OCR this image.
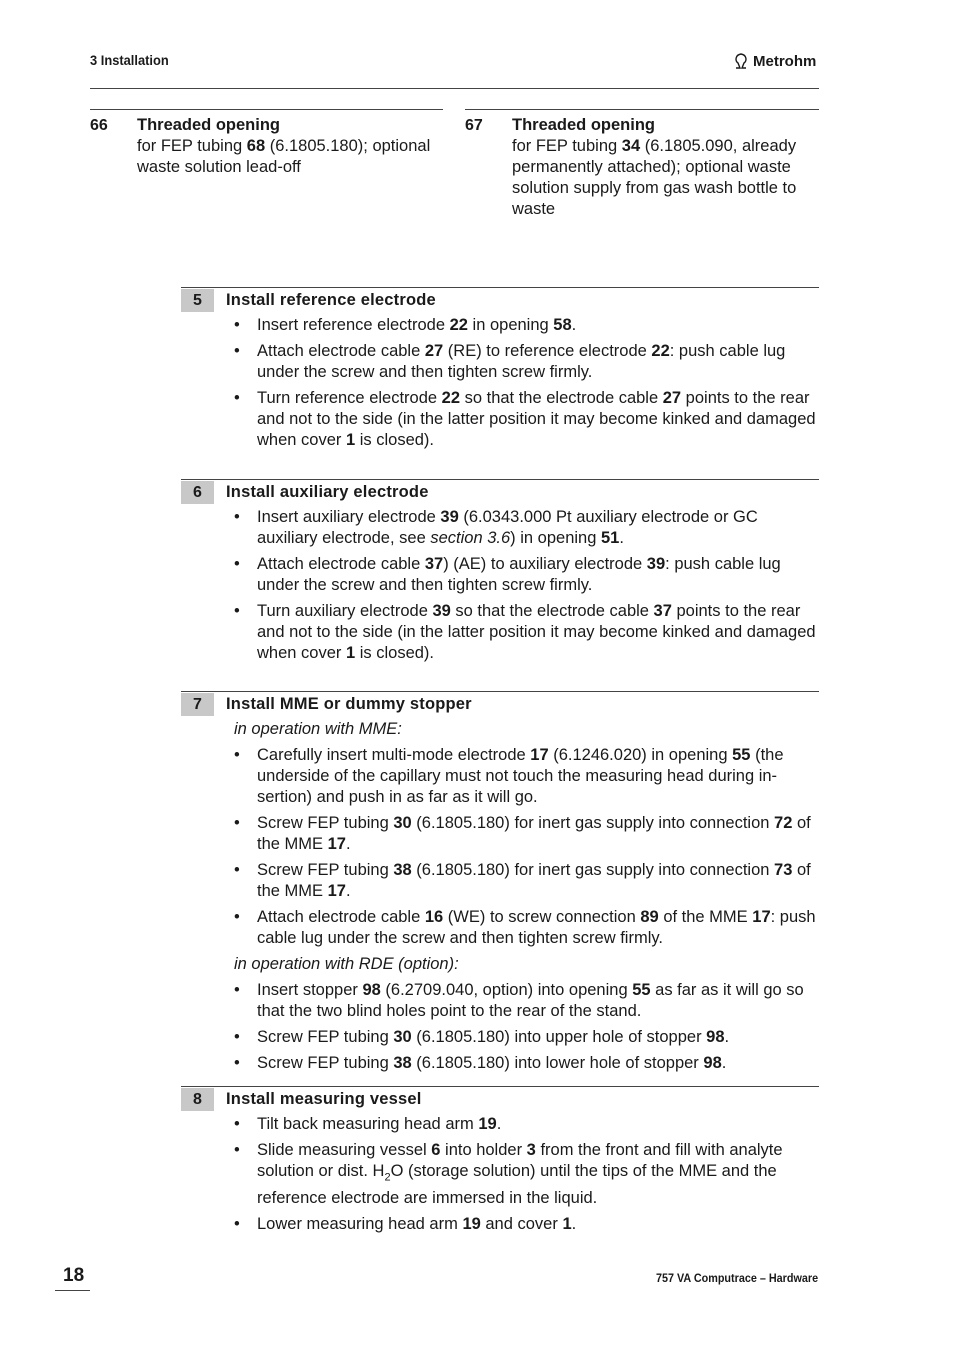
3 Installation	Metrohm
66 Threaded opening
for FEP tubing 68 (6.1805.180); optional waste solution lead-off
67 Threaded opening
for FEP tubing 34 (6.1805.090, already permanently attached); optional waste solution supply from gas wash bottle to waste
5	Install reference electrode
• Insert reference electrode 22 in opening 58.
• Attach electrode cable 27 (RE) to reference electrode 22: push cable lug under the screw and then tighten screw firmly.
• Turn reference electrode 22 so that the electrode cable 27 points to the rear and not to the side (in the latter position it may become kinked and damaged when cover 1 is closed).
6	Install auxiliary electrode
• Insert auxiliary electrode 39 (6.0343.000 Pt auxiliary electrode or GC auxiliary electrode, see section 3.6) in opening 51.
• Attach electrode cable 37) (AE) to auxiliary electrode 39: push cable lug under the screw and then tighten screw firmly.
• Turn auxiliary electrode 39 so that the electrode cable 37 points to the rear and not to the side (in the latter position it may become kinked and damaged when cover 1 is closed).
7	Install MME or dummy stopper
in operation with MME:
• Carefully insert multi-mode electrode 17 (6.1246.020) in opening 55 (the underside of the capillary must not touch the measuring head during in-sertion) and push in as far as it will go.
• Screw FEP tubing 30 (6.1805.180) for inert gas supply into connection 72 of the MME 17.
• Screw FEP tubing 38 (6.1805.180) for inert gas supply into connection 73 of the MME 17.
• Attach electrode cable 16 (WE) to screw connection 89 of the MME 17: push cable lug under the screw and then tighten screw firmly.
in operation with RDE (option):
• Insert stopper 98 (6.2709.040, option) into opening 55 as far as it will go so that the two blind holes point to the rear of the stand.
• Screw FEP tubing 30 (6.1805.180) into upper hole of stopper 98.
• Screw FEP tubing 38 (6.1805.180) into lower hole of stopper 98.
8	Install measuring vessel
• Tilt back measuring head arm 19.
• Slide measuring vessel 6 into holder 3 from the front and fill with analyte solution or dist. $H_2O$ (storage solution) until the tips of the MME and the reference electrode are immersed in the liquid.
• Lower measuring head arm 19 and cover 1.
18	757 VA Computrace – Hardware
